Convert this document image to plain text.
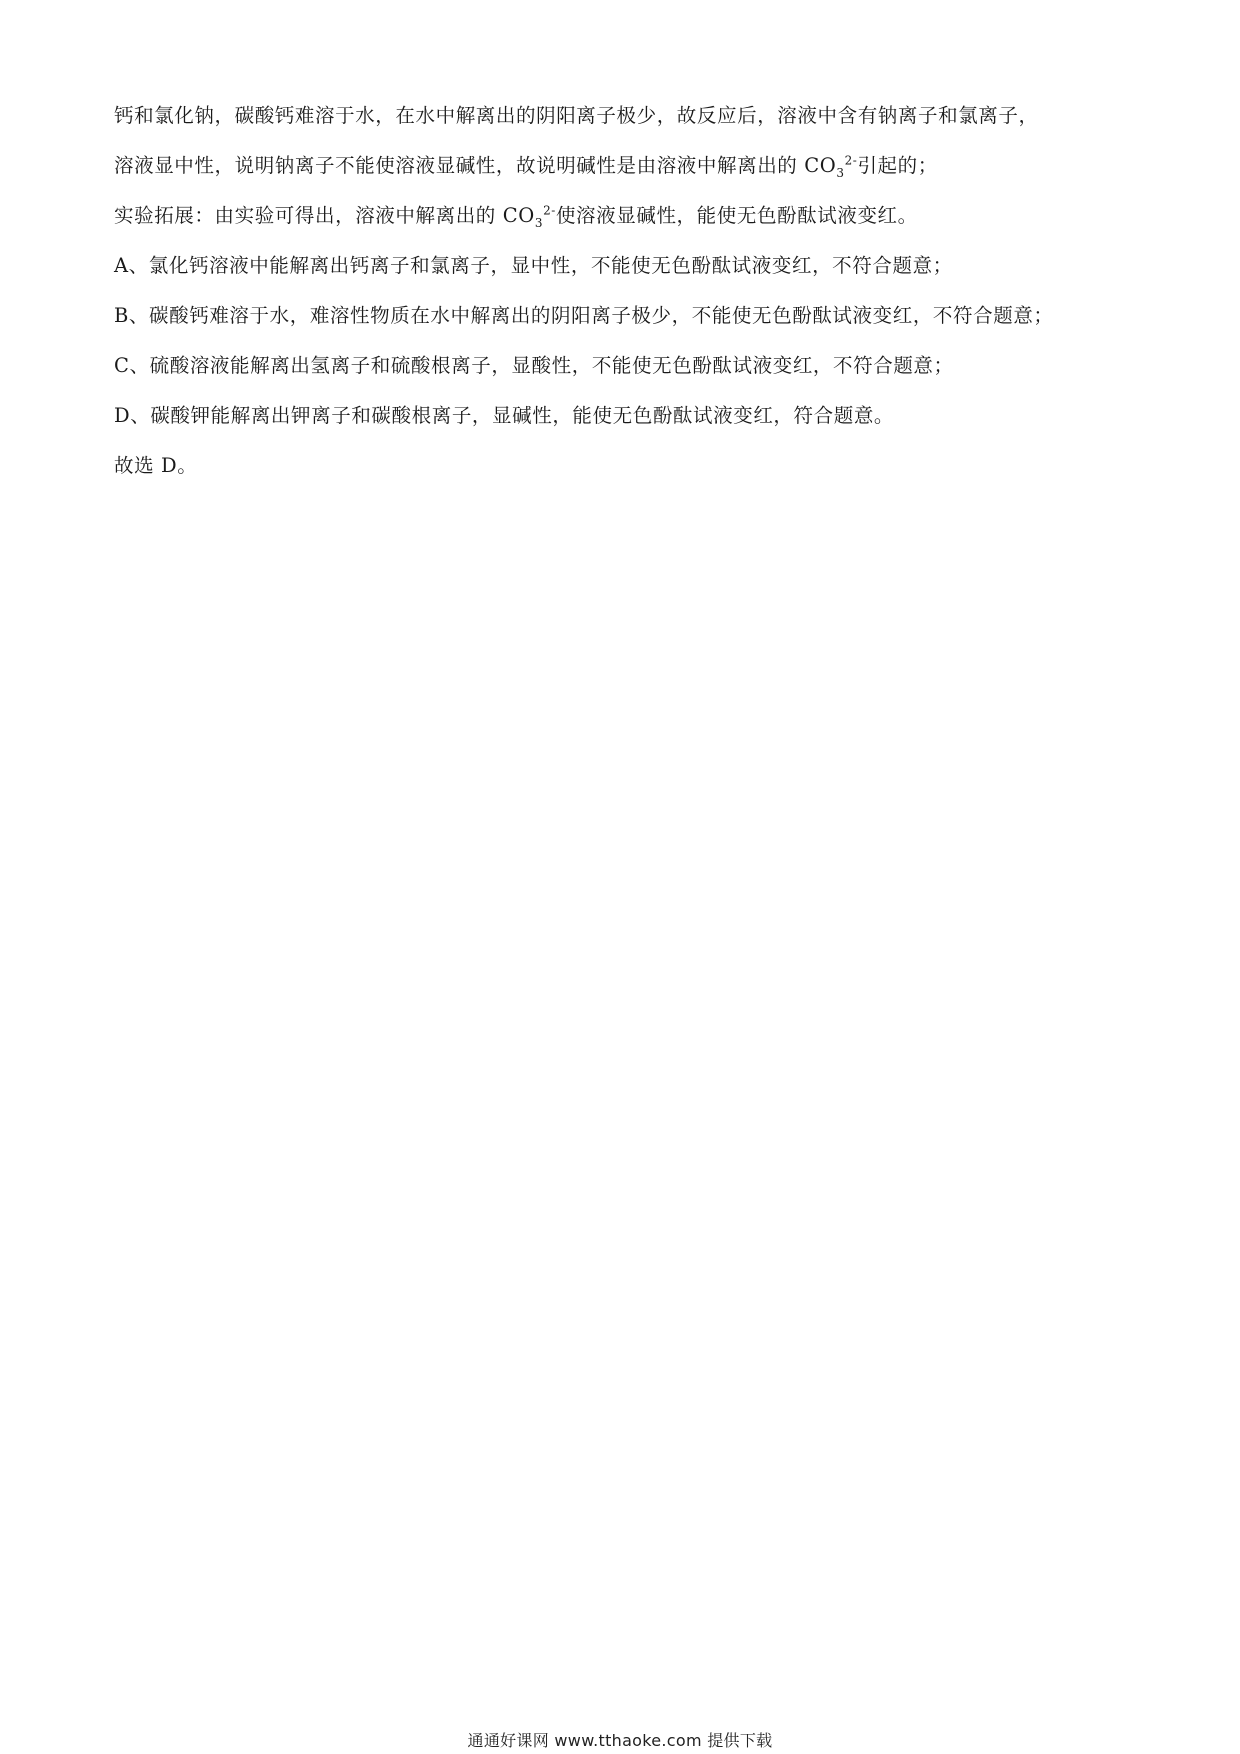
钙和氯化钠，碳酸钙难溶于水，在水中解离出的阴阳离子极少，故反应后，溶液中含有钠离子和氯离子，

溶液显中性，说明钠离子不能使溶液显碱性，故说明碱性是由溶液中解离出的 $CO_3^{2-}$引起的；

实验拓展：由实验可得出，溶液中解离出的 $CO_3^{2-}$使溶液显碱性，能使无色酚酞试液变红。

A、氯化钙溶液中能解离出钙离子和氯离子，显中性，不能使无色酚酞试液变红，不符合题意；

B、碳酸钙难溶于水，难溶性物质在水中解离出的阴阳离子极少，不能使无色酚酞试液变红，不符合题意；

C、硫酸溶液能解离出氢离子和硫酸根离子，显酸性，不能使无色酚酞试液变红，不符合题意；

D、碳酸钾能解离出钾离子和碳酸根离子，显碱性，能使无色酚酞试液变红，符合题意。

故选 D。

通通好课网 www.tthaoke.com 提供下载
